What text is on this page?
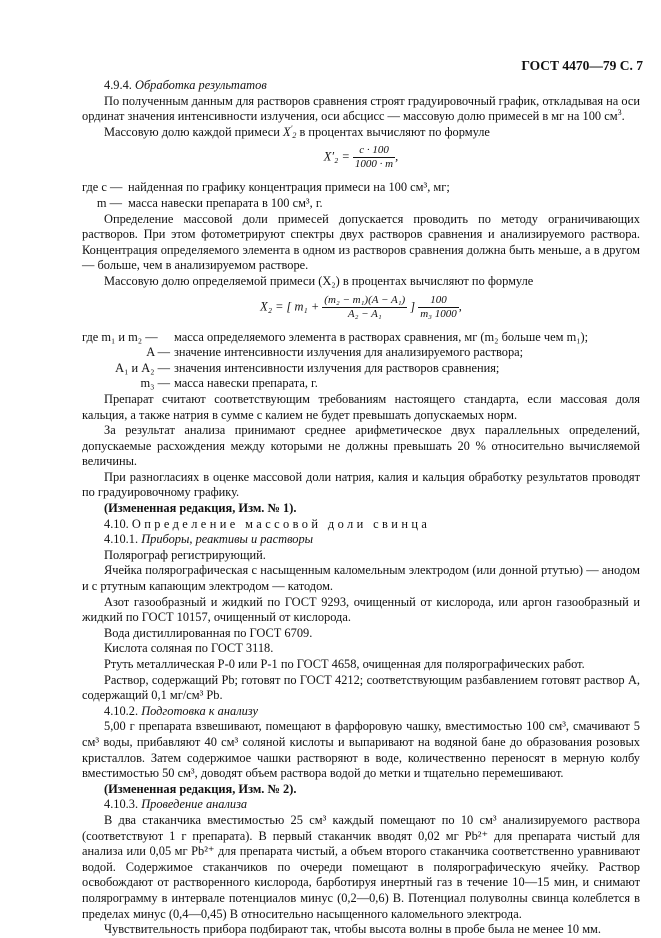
ГОСТ 4470—79 С. 7

4.9.4. Обработка результатов

По полученным данным для растворов сравнения строят градуировочный график, откладывая на оси ординат значения интенсивности излучения, оси абсцисс — массовую долю примесей в мг на 100 $см^3$.

Массовую долю каждой примеси $X'_2$ в процентах вычисляют по формуле

$X'_2 = \frac{c \cdot 100}{1000 \cdot m}$ ,
где c — найденная по графику концентрация примеси на 100 см³, мг;
m — масса навески препарата в 100 см³, г.

Определение массовой доли примесей допускается проводить по методу ограничивающих растворов. При этом фотометрируют спектры двух растворов сравнения и анализируемого раствора. Концентрация определяемого элемента в одном из растворов сравнения должна быть меньше, а в другом — больше, чем в анализируемом растворе.

Массовую долю определяемой примеси (X₂) в процентах вычисляют по формуле

X₂ = [ $m_1 + \frac{\text{(m₂ − m₁)(A − A₁)}}{\text{A₂ − A₁}}$ ] $\frac{100}{\text{m₃ 1000}}$ ,
где m₁ и m₂ —	масса определяемого элемента в растворах сравнения, мг (m₂ больше чем m₁);
A — значение интенсивности излучения для анализируемого раствора;
A₁ и A₂ — значения интенсивности излучения для растворов сравнения;
m₃ — масса навески препарата, г.

Препарат считают соответствующим требованиям настоящего стандарта, если массовая доля кальция, а также натрия в сумме с калием не будет превышать допускаемых норм.

За результат анализа принимают среднее арифметическое двух параллельных определений, допускаемые расхождения между которыми не должны превышать 20 % относительно вычисляемой величины.

При разногласиях в оценке массовой доли натрия, калия и кальция обработку результатов проводят по градуировочному графику.

(Измененная редакция, Изм. № 1).

4.10. Определение массовой доли свинца

4.10.1. Приборы, реактивы и растворы

Полярограф регистрирующий.

Ячейка полярографическая с насыщенным каломельным электродом (или донной ртутью) — анодом и с ртутным капающим электродом — катодом.

Азот газообразный и жидкий по ГОСТ 9293, очищенный от кислорода, или аргон газообразный и жидкий по ГОСТ 10157, очищенный от кислорода.

Вода дистиллированная по ГОСТ 6709.

Кислота соляная по ГОСТ 3118.

Ртуть металлическая Р-0 или Р-1 по ГОСТ 4658, очищенная для полярографических работ.

Раствор, содержащий Pb; готовят по ГОСТ 4212; соответствующим разбавлением готовят раствор А, содержащий 0,1 мг/см³ Pb.

4.10.2. Подготовка к анализу

5,00 г препарата взвешивают, помещают в фарфоровую чашку, вместимостью 100 см³, смачивают 5 см³ воды, прибавляют 40 см³ соляной кислоты и выпаривают на водяной бане до образования розовых кристаллов. Затем содержимое чашки растворяют в воде, количественно переносят в мерную колбу вместимостью 50 см³, доводят объем раствора водой до метки и тщательно перемешивают.

(Измененная редакция, Изм. № 2).

4.10.3. Проведение анализа

В два стаканчика вместимостью 25 см³ каждый помещают по 10 см³ анализируемого раствора (соответствуют 1 г препарата). В первый стаканчик вводят 0,02 мг Pb²⁺ для препарата чистый для анализа или 0,05 мг Pb²⁺ для препарата чистый, а объем второго стаканчика соответственно уравнивают водой. Содержимое стаканчиков по очереди помещают в полярографическую ячейку. Раствор освобождают от растворенного кислорода, барботируя инертный газ в течение 10—15 мин, и снимают полярограмму в интервале потенциалов минус (0,2—0,6) В. Потенциал полуволны свинца колеблется в пределах минус (0,4—0,45) В относительно насыщенного каломельного электрода.

Чувствительность прибора подбирают так, чтобы высота волны в пробе была не менее 10 мм.
